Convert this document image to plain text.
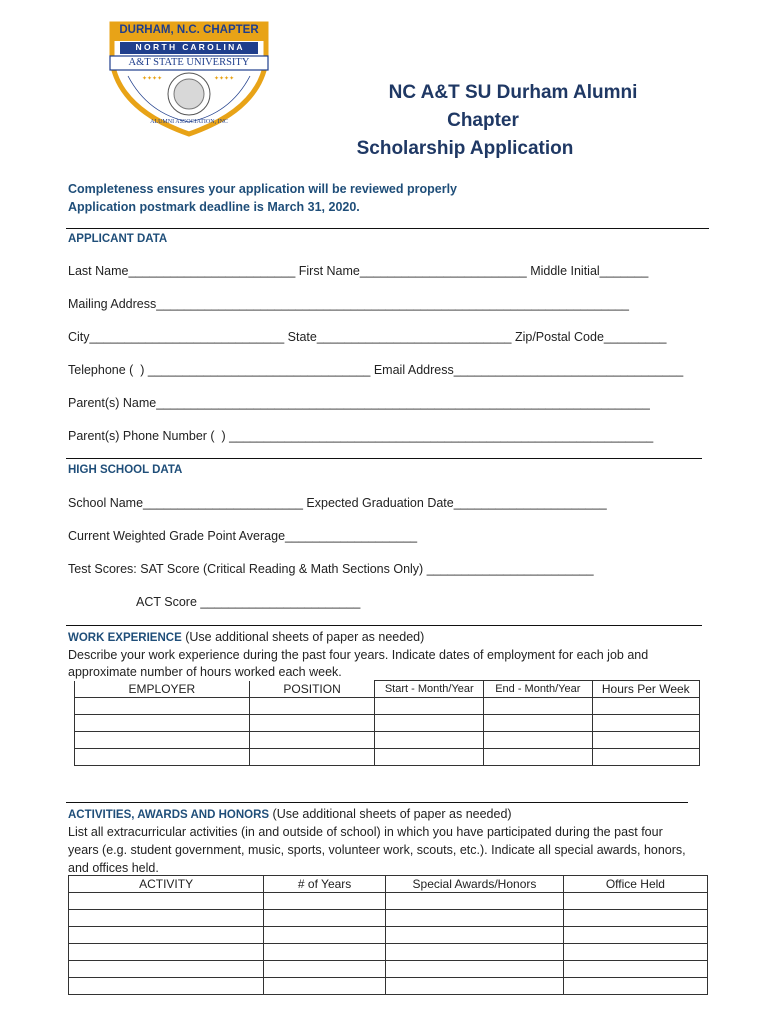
✦✦✦✦	✦✦✦✦
DURHAM, N.C. CHAPTER
N O R T H   C A R O L I N A
A&T STATE UNIVERSITY
ALUMNI ASSOCIATION, INC
NC A&T SU Durham Alumni
Chapter
Scholarship Application
Completeness ensures your application will be reviewed properly
Application postmark deadline is March 31, 2020.
APPLICANT DATA
Last Name________________________ First Name________________________ Middle Initial_______
Mailing Address____________________________________________________________________
City____________________________ State____________________________ Zip/Postal Code_________
Telephone (  ) ________________________________ Email Address_________________________________
Parent(s) Name_______________________________________________________________________
Parent(s) Phone Number (  ) _____________________________________________________________
HIGH SCHOOL DATA
School Name_______________________ Expected Graduation Date______________________
Current Weighted Grade Point Average___________________
Test Scores: SAT Score (Critical Reading & Math Sections Only) ________________________
ACT Score _______________________
WORK EXPERIENCE (Use additional sheets of paper as needed)
Describe your work experience during the past four years. Indicate dates of employment for each job and
approximate number of hours worked each week.
EMPLOYER	POSITION	Start - Month/Year	End - Month/Year	Hours Per Week

ACTIVITIES, AWARDS AND HONORS (Use additional sheets of paper as needed)
List all extracurricular activities (in and outside of school) in which you have participated during the past four
years (e.g. student government, music, sports, volunteer work, scouts, etc.). Indicate all special awards, honors,
and offices held.
ACTIVITY	# of Years	Special Awards/Honors	Office Held
